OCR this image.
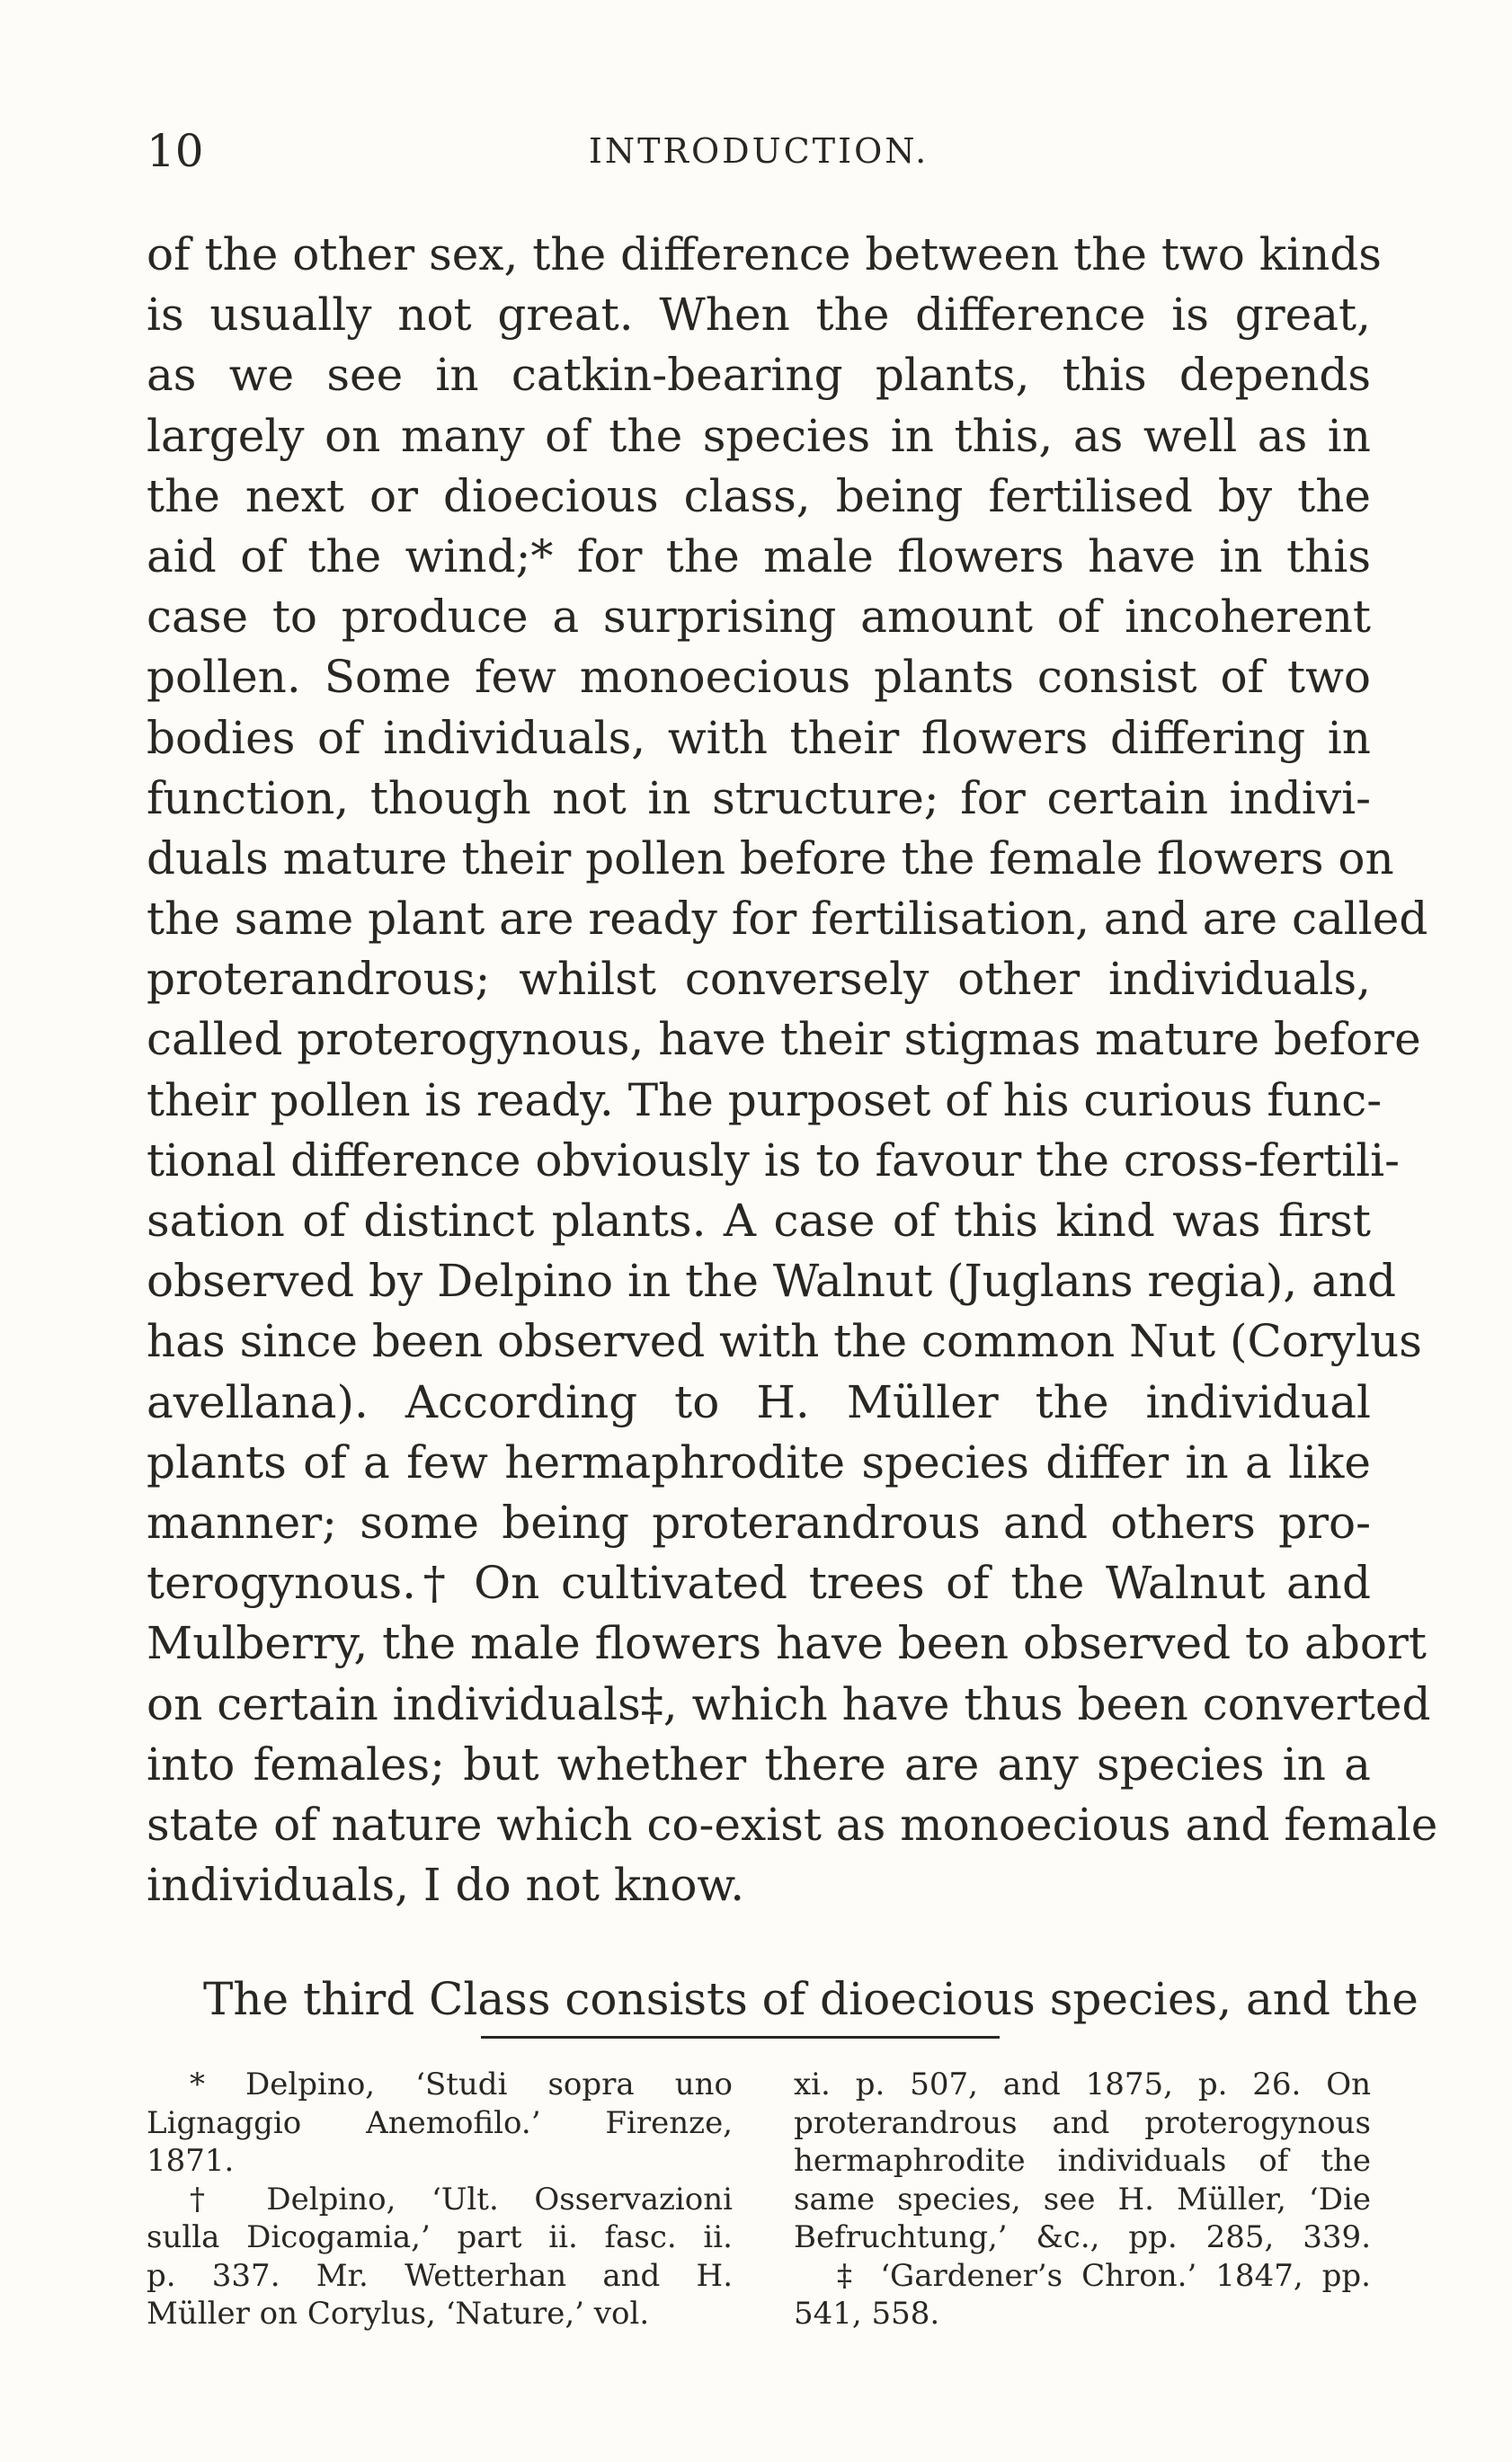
10	INTRODUCTION.
of the other sex, the difference between the two kinds
is usually not great. When the difference is great,
as we see in catkin-bearing plants, this depends
largely on many of the species in this, as well as in
the next or dioecious class, being fertilised by the
aid of the wind;* for the male flowers have in this
case to produce a surprising amount of incoherent
pollen. Some few monoecious plants consist of two
bodies of individuals, with their flowers differing in
function, though not in structure; for certain indivi-
duals mature their pollen before the female flowers on
the same plant are ready for fertilisation, and are called
proterandrous; whilst conversely other individuals,
called proterogynous, have their stigmas mature before
their pollen is ready. The purposet of his curious func-
tional difference obviously is to favour the cross-fertili-
sation of distinct plants. A case of this kind was first
observed by Delpino in the Walnut (Juglans regia), and
has since been observed with the common Nut (Corylus
avellana). According to H. Müller the individual
plants of a few hermaphrodite species differ in a like
manner; some being proterandrous and others pro-
terogynous.† On cultivated trees of the Walnut and
Mulberry, the male flowers have been observed to abort
on certain individuals‡, which have thus been converted
into females; but whether there are any species in a
state of nature which co-exist as monoecious and female
individuals, I do not know.
The third Class consists of dioecious species, and the
* Delpino, ‘Studi sopra uno
Lignaggio Anemofilo.’ Firenze,
1871.
† Delpino, ‘Ult. Osservazioni
sulla Dicogamia,’ part ii. fasc. ii.
p. 337. Mr. Wetterhan and H.
Müller on Corylus, ‘Nature,’ vol.
xi. p. 507, and 1875, p. 26. On
proterandrous and proterogynous
hermaphrodite individuals of the
same species, see H. Müller, ‘Die
Befruchtung,’ &c., pp. 285, 339.
‡ ‘Gardener’s Chron.’ 1847, pp.
541, 558.
